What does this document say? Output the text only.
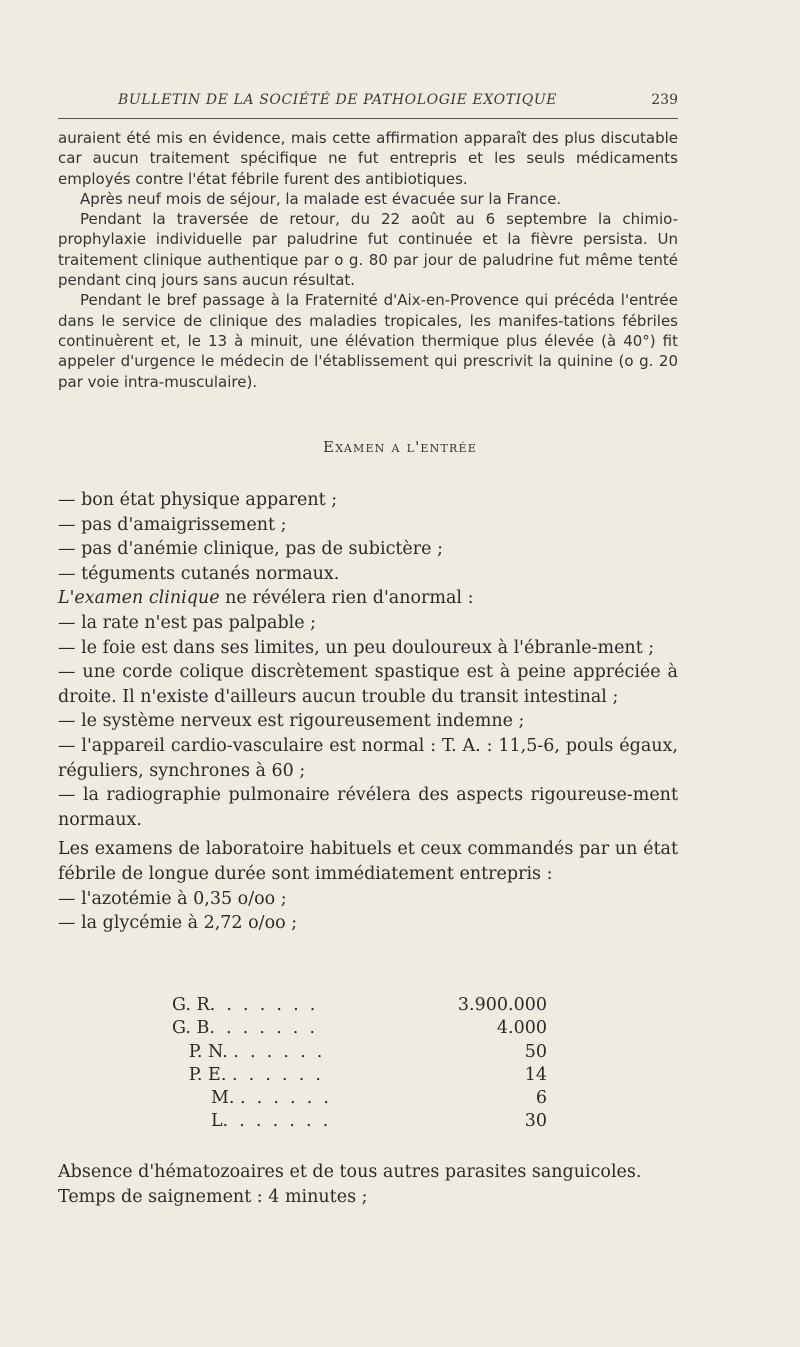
BULLETIN DE LA SOCIÉTÉ DE PATHOLOGIE EXOTIQUE	239

auraient été mis en évidence, mais cette affirmation apparaît des plus discutable car aucun traitement spécifique ne fut entrepris et les seuls médicaments employés contre l'état fébrile furent des antibiotiques.

Après neuf mois de séjour, la malade est évacuée sur la France.

Pendant la traversée de retour, du 22 août au 6 septembre la chimio-prophylaxie individuelle par paludrine fut continuée et la fièvre persista. Un traitement clinique authentique par o g. 80 par jour de paludrine fut même tenté pendant cinq jours sans aucun résultat.

Pendant le bref passage à la Fraternité d'Aix-en-Provence qui précéda l'entrée dans le service de clinique des maladies tropicales, les manifes-tations fébriles continuèrent et, le 13 à minuit, une élévation thermique plus élevée (à 40°) fit appeler d'urgence le médecin de l'établissement qui prescrivit la quinine (o g. 20 par voie intra-musculaire).

Examen a l'entrée

— bon état physique apparent ;

— pas d'amaigrissement ;

— pas d'anémie clinique, pas de subictère ;

— téguments cutanés normaux.

L'examen clinique ne révélera rien d'anormal :

— la rate n'est pas palpable ;

— le foie est dans ses limites, un peu douloureux à l'ébranle-ment ;

— une corde colique discrètement spastique est à peine appréciée à droite. Il n'existe d'ailleurs aucun trouble du transit intestinal ;

— le système nerveux est rigoureusement indemne ;

— l'appareil cardio-vasculaire est normal : T. A. : 11,5-6, pouls égaux, réguliers, synchrones à 60 ;

— la radiographie pulmonaire révélera des aspects rigoureuse-ment normaux.

Les examens de laboratoire habituels et ceux commandés par un état fébrile de longue durée sont immédiatement entrepris :

— l'azotémie à 0,35 o/oo ;

— la glycémie à 2,72 o/oo ;

G. R.  .  .  .  .  .  .	3.900.000
G. B.  .  .  .  .  .  .	4.000
P. N. .  .  .  .  .  .	50
P. E. .  .  .  .  .  .	14
M. .  .  .  .  .  .	6
L.  .  .  .  .  .  .	30

Absence d'hématozoaires et de tous autres parasites sanguicoles.

Temps de saignement : 4 minutes ;
